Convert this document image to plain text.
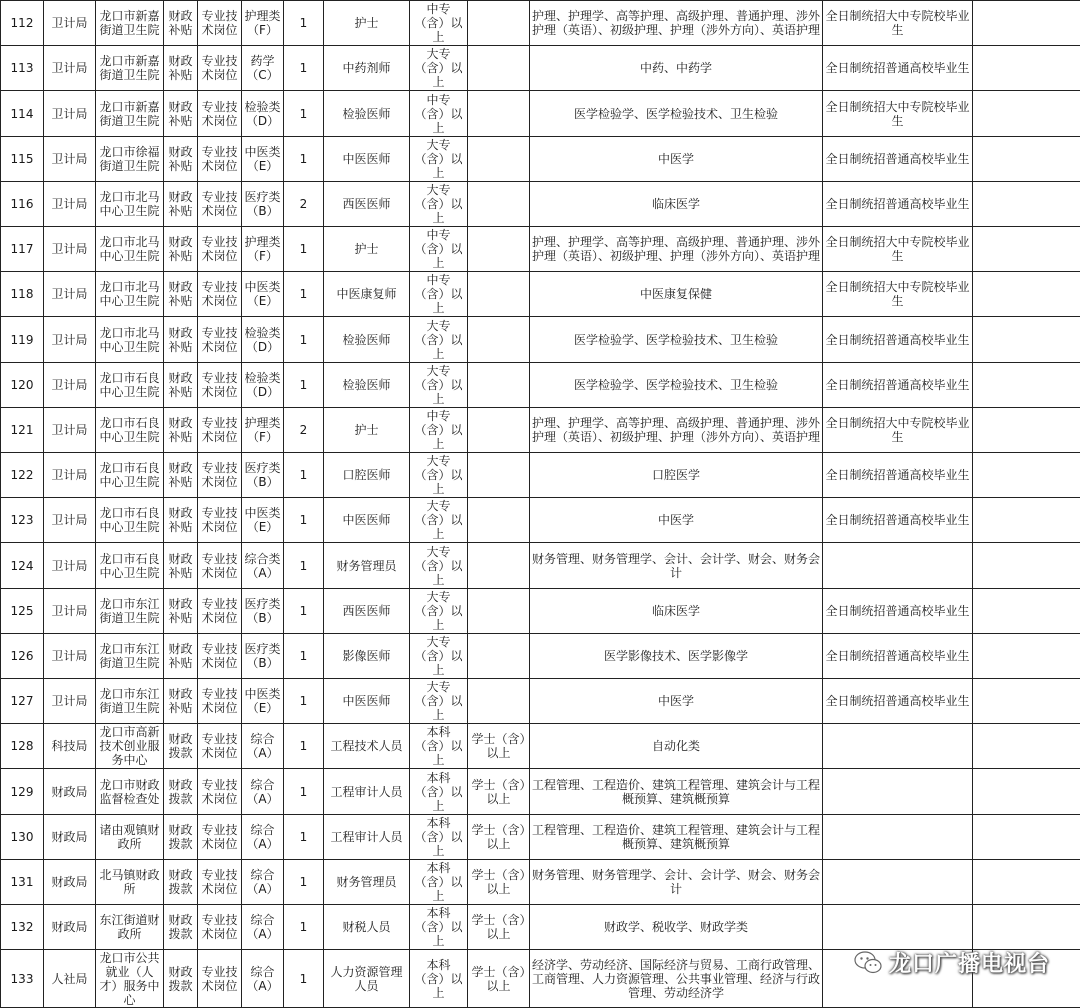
112	卫计局	龙口市新嘉街道卫生院	财政补贴	专业技术岗位	护理类（F）	1	护士	中专（含）以上		护理、护理学、高等护理、高级护理、普通护理、涉外护理（英语）、初级护理、护理（涉外方向）、英语护理	全日制统招大中专院校毕业生	
113	卫计局	龙口市新嘉街道卫生院	财政补贴	专业技术岗位	药学（C）	1	中药剂师	大专（含）以上		中药、中药学	全日制统招普通高校毕业生	
114	卫计局	龙口市新嘉街道卫生院	财政补贴	专业技术岗位	检验类（D）	1	检验医师	中专（含）以上		医学检验学、医学检验技术、卫生检验	全日制统招大中专院校毕业生	
115	卫计局	龙口市徐福街道卫生院	财政补贴	专业技术岗位	中医类（E）	1	中医医师	大专（含）以上		中医学	全日制统招普通高校毕业生	
116	卫计局	龙口市北马中心卫生院	财政补贴	专业技术岗位	医疗类（B）	2	西医医师	大专（含）以上		临床医学	全日制统招普通高校毕业生	
117	卫计局	龙口市北马中心卫生院	财政补贴	专业技术岗位	护理类（F）	1	护士	中专（含）以上		护理、护理学、高等护理、高级护理、普通护理、涉外护理（英语）、初级护理、护理（涉外方向）、英语护理	全日制统招大中专院校毕业生	
118	卫计局	龙口市北马中心卫生院	财政补贴	专业技术岗位	中医类（E）	1	中医康复师	中专（含）以上		中医康复保健	全日制统招大中专院校毕业生	
119	卫计局	龙口市北马中心卫生院	财政补贴	专业技术岗位	检验类（D）	1	检验医师	大专（含）以上		医学检验学、医学检验技术、卫生检验	全日制统招普通高校毕业生	
120	卫计局	龙口市石良中心卫生院	财政补贴	专业技术岗位	检验类（D）	1	检验医师	大专（含）以上		医学检验学、医学检验技术、卫生检验	全日制统招普通高校毕业生	
121	卫计局	龙口市石良中心卫生院	财政补贴	专业技术岗位	护理类（F）	2	护士	中专（含）以上		护理、护理学、高等护理、高级护理、普通护理、涉外护理（英语）、初级护理、护理（涉外方向）、英语护理	全日制统招大中专院校毕业生	
122	卫计局	龙口市石良中心卫生院	财政补贴	专业技术岗位	医疗类（B）	1	口腔医师	大专（含）以上		口腔医学	全日制统招普通高校毕业生	
123	卫计局	龙口市石良中心卫生院	财政补贴	专业技术岗位	中医类（E）	1	中医医师	大专（含）以上		中医学	全日制统招普通高校毕业生	
124	卫计局	龙口市石良中心卫生院	财政补贴	专业技术岗位	综合类（A）	1	财务管理员	大专（含）以上		财务管理、财务管理学、会计、会计学、财会、财务会计		
125	卫计局	龙口市东江街道卫生院	财政补贴	专业技术岗位	医疗类（B）	1	西医医师	大专（含）以上		临床医学	全日制统招普通高校毕业生	
126	卫计局	龙口市东江街道卫生院	财政补贴	专业技术岗位	医疗类（B）	1	影像医师	大专（含）以上		医学影像技术、医学影像学	全日制统招普通高校毕业生	
127	卫计局	龙口市东江街道卫生院	财政补贴	专业技术岗位	中医类（E）	1	中医医师	大专（含）以上		中医学	全日制统招普通高校毕业生	
128	科技局	龙口市高新技术创业服务中心	财政拨款	专业技术岗位	综合（A）	1	工程技术人员	本科（含）以上	学士（含）以上	自动化类		
129	财政局	龙口市财政监督检查处	财政拨款	专业技术岗位	综合（A）	1	工程审计人员	本科（含）以上	学士（含）以上	工程管理、工程造价、建筑工程管理、建筑会计与工程概预算、建筑概预算		
130	财政局	诸由观镇财政所	财政拨款	专业技术岗位	综合（A）	1	工程审计人员	本科（含）以上	学士（含）以上	工程管理、工程造价、建筑工程管理、建筑会计与工程概预算、建筑概预算		
131	财政局	北马镇财政所	财政拨款	专业技术岗位	综合（A）	1	财务管理员	本科（含）以上	学士（含）以上	财务管理、财务管理学、会计、会计学、财会、财务会计		
132	财政局	东江街道财政所	财政拨款	专业技术岗位	综合（A）	1	财税人员	本科（含）以上	学士（含）以上	财政学、税收学、财政学类		
133	人社局	龙口市公共就业（人才）服务中心	财政拨款	专业技术岗位	综合（A）	1	人力资源管理人员	本科（含）以上	学士（含）以上	经济学、劳动经济、国际经济与贸易、工商行政管理、工商管理、人力资源管理、公共事业管理、经济与行政管理、劳动经济学		
龙口广播电视台
